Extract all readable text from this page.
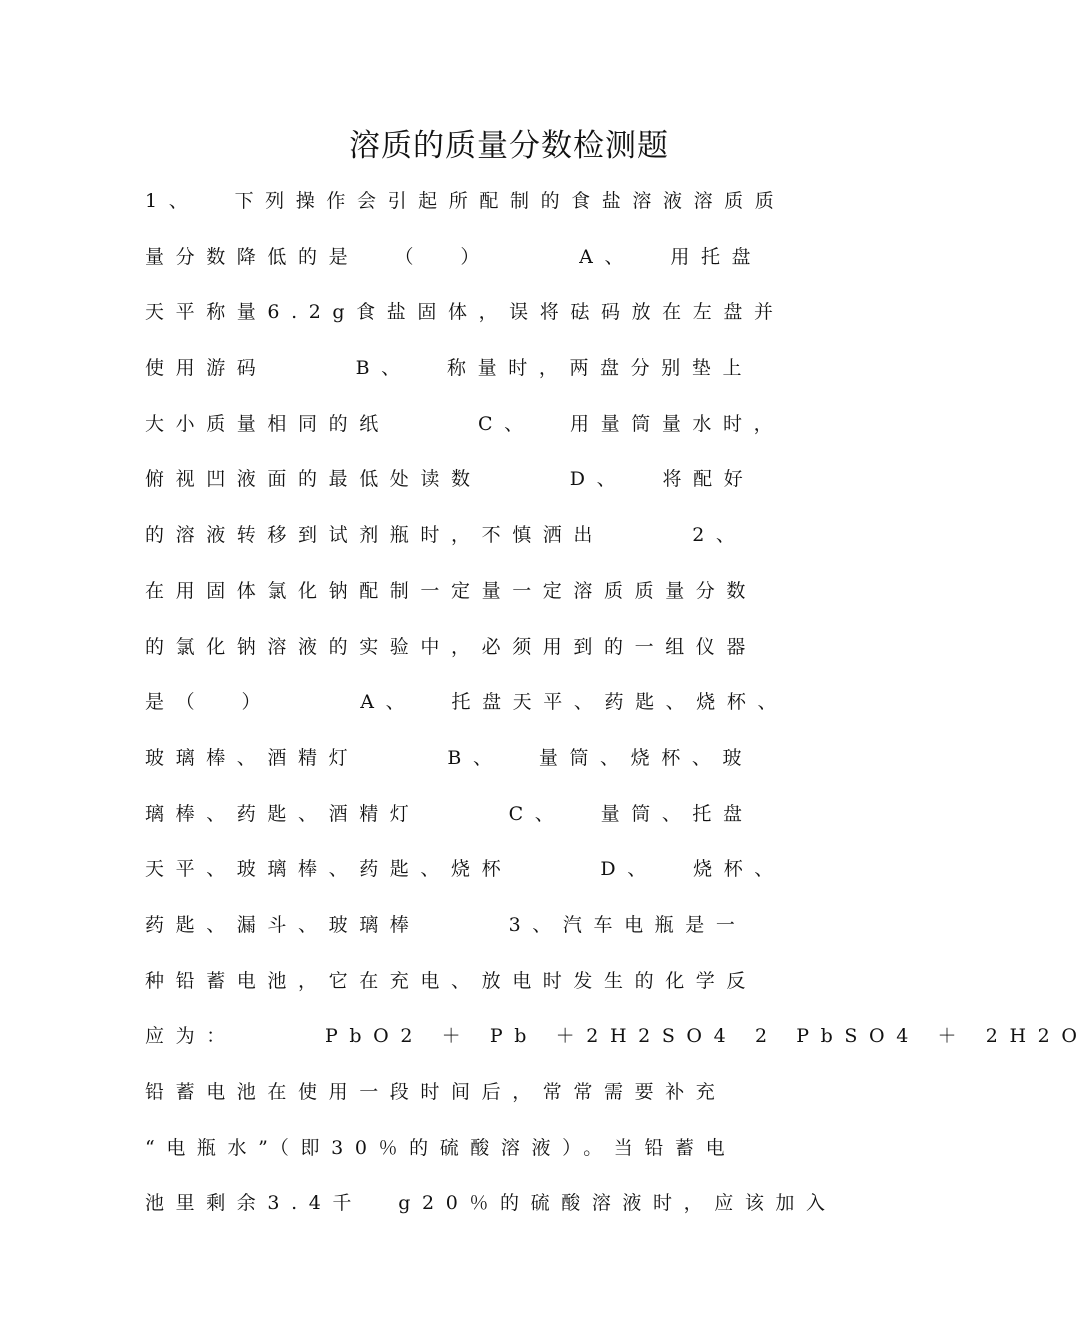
溶质的质量分数检测题
1、  下列操作会引起所配制的食盐溶液溶质质
量分数降低的是  （  ）     A、  用托盘
天平称量6.2g食盐固体，误将砝码放在左盘并
使用游码     B、  称量时，两盘分别垫上
大小质量相同的纸     C、  用量筒量水时，
俯视凹液面的最低处读数     D、  将配好
的溶液转移到试剂瓶时，不慎洒出     2、
在用固体氯化钠配制一定量一定溶质质量分数
的氯化钠溶液的实验中，必须用到的一组仪器
是（  ）     A、  托盘天平、药匙、烧杯、
玻璃棒、酒精灯     B、  量筒、烧杯、玻
璃棒、药匙、酒精灯     C、  量筒、托盘
天平、玻璃棒、药匙、烧杯     D、  烧杯、
药匙、漏斗、玻璃棒     3、汽车电瓶是一
种铅蓄电池，它在充电、放电时发生的化学反
应为：     PbO2 ＋ Pb ＋2H2SO4 2 PbSO4 ＋ 2H2O
铅蓄电池在使用一段时间后，常常需要补充
“电瓶水”（即30％的硫酸溶液）。当铅蓄电
池里剩余3.4千  g20％的硫酸溶液时，应该加入
